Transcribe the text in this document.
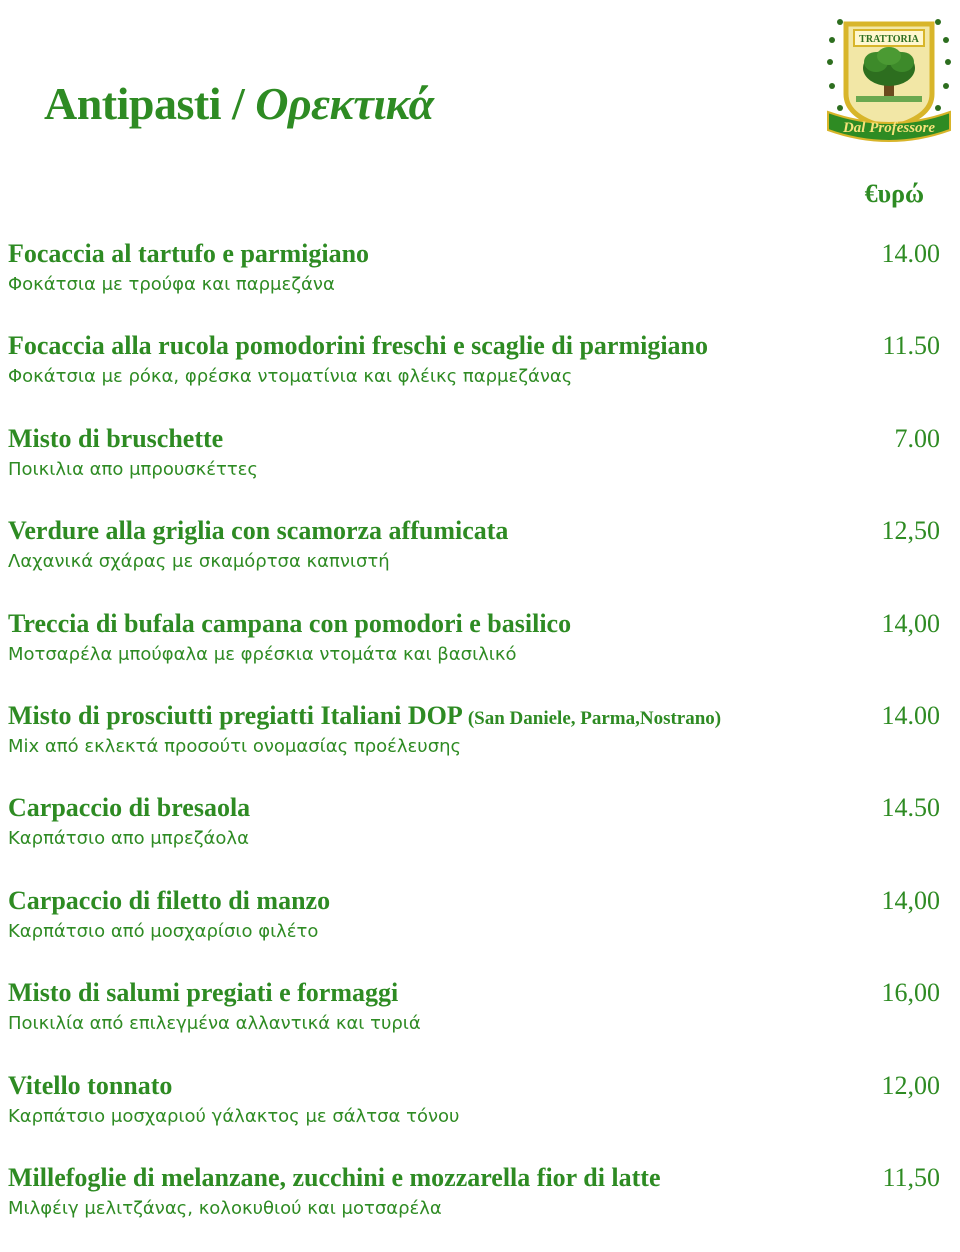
Antipasti / Ορεκτικά
TRATTORIA
Dal Professore
€υρώ
Focaccia al tartufo e parmigiano	14.00
Φοκάτσια με τρούφα και παρμεζάνα
Focaccia alla rucola pomodorini freschi e scaglie di parmigiano	11.50
Φοκάτσια με ρόκα, φρέσκα ντοματίνια και φλέικς παρμεζάνας
Misto di bruschette	7.00
Ποικιλια απο μπρουσκέττες
Verdure alla griglia con scamorza affumicata	12,50
Λαχανικά σχάρας με σκαμόρτσα καπνιστή
Treccia di bufala campana con pomodori e basilico	14,00
Μοτσαρέλα μπούφαλα με φρέσκια ντομάτα και βασιλικό
Misto di prosciutti pregiatti Italiani DOP (San Daniele, Parma,Nostrano)	14.00
Mix από εκλεκτά προσούτι ονομασίας προέλευσης
Carpaccio di bresaola	14.50
Καρπάτσιο απο μπρεζάολα
Carpaccio di filetto di manzo	14,00
Καρπάτσιο από μοσχαρίσιο φιλέτο
Misto di salumi pregiati e formaggi	16,00
Ποικιλία από επιλεγμένα αλλαντικά και τυριά
Vitello tonnato	12,00
Καρπάτσιο μοσχαριού γάλακτος με σάλτσα τόνου
Millefoglie di melanzane, zucchini e mozzarella fior di latte	11,50
Μιλφέιγ μελιτζάνας, κολοκυθιού και μοτσαρέλα
